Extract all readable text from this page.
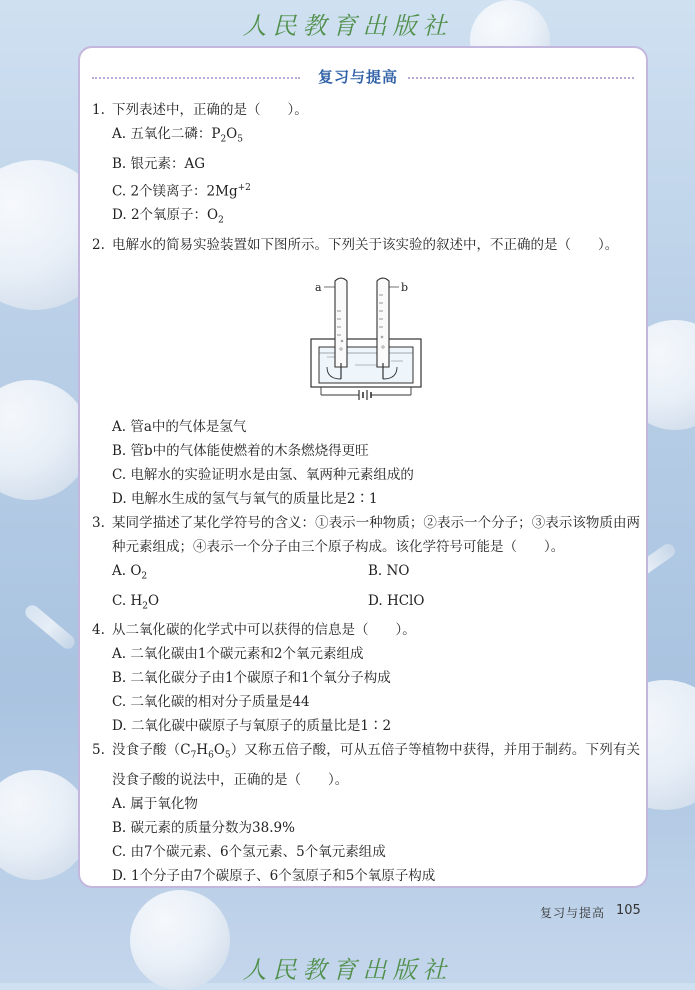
人民教育出版社
复习与提高
1. 下列表述中，正确的是（　　）。
A. 五氧化二磷：$P_2O_5$
B. 银元素：AG
C. 2个镁离子：$2Mg^{+2}$
D. 2个氧原子：$O_2$
2. 电解水的简易实验装置如下图所示。下列关于该实验的叙述中，不正确的是（　　）。
a	b
A. 管a中的气体是氢气
B. 管b中的气体能使燃着的木条燃烧得更旺
C. 电解水的实验证明水是由氢、氧两种元素组成的
D. 电解水生成的氢气与氧气的质量比是2∶1
3. 某同学描述了某化学符号的含义：①表示一种物质；②表示一个分子；③表示该物质由两种元素组成；④表示一个分子由三个原子构成。该化学符号可能是（　　）。
A. $O_2$	B. NO
C. $H_2O$	D. HClO
4. 从二氧化碳的化学式中可以获得的信息是（　　）。
A. 二氧化碳由1个碳元素和2个氧元素组成
B. 二氧化碳分子由1个碳原子和1个氧分子构成
C. 二氧化碳的相对分子质量是44
D. 二氧化碳中碳原子与氧原子的质量比是1∶2
5. 没食子酸$(C_7H_6O_5)$又称五倍子酸，可从五倍子等植物中获得，并用于制药。下列有关没食子酸的说法中，正确的是（　　）。
A. 属于氧化物
B. 碳元素的质量分数为38.9%
C. 由7个碳元素、6个氢元素、5个氧元素组成
D. 1个分子由7个碳原子、6个氢原子和5个氧原子构成
复习与提高 105
人民教育出版社
